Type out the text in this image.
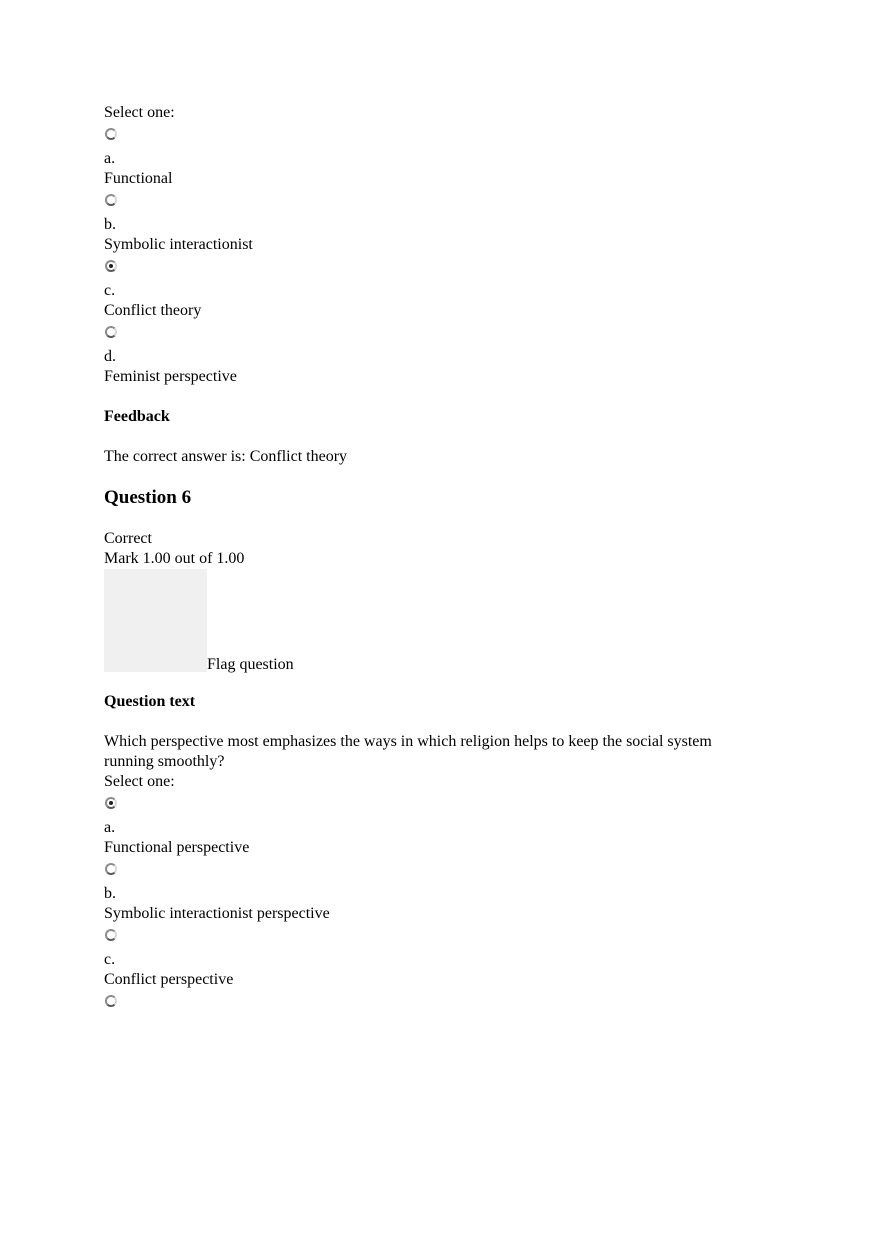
Select one:
a.
Functional
b.
Symbolic interactionist
c.
Conflict theory
d.
Feminist perspective
Feedback
The correct answer is: Conflict theory
Question 6
Correct
Mark 1.00 out of 1.00
Flag question
Question text
Which perspective most emphasizes the ways in which religion helps to keep the social system
running smoothly?
Select one:
a.
Functional perspective
b.
Symbolic interactionist perspective
c.
Conflict perspective
